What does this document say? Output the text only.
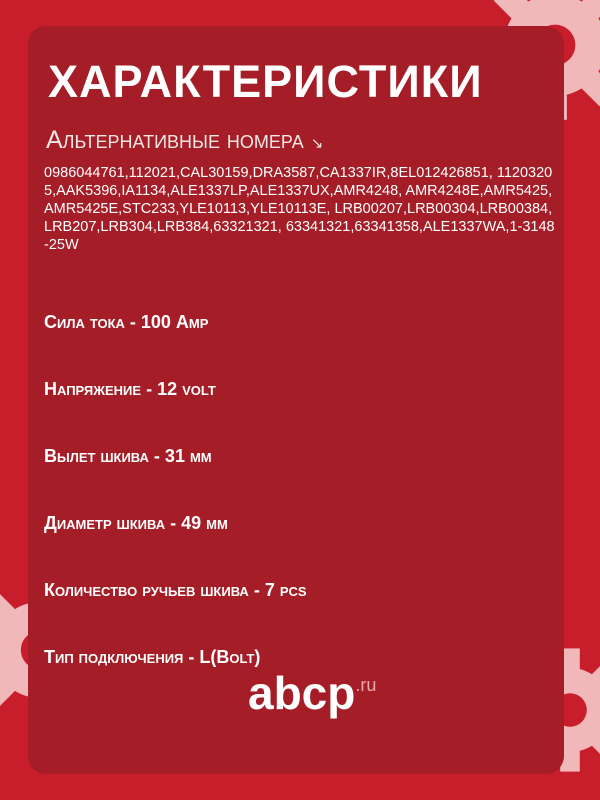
ХАРАКТЕРИСТИКИ
Альтернативные номера ↘
0986044761,112021,CAL30159,DRA3587,CA1337IR,8EL012426851, 11203205,AAK5396,IA1134,ALE1337LP,ALE1337UX,AMR4248, AMR4248E,AMR5425,AMR5425E,STC233,YLE10113,YLE10113E, LRB00207,LRB00304,LRB00384,LRB207,LRB304,LRB384,63321321, 63341321,63341358,ALE1337WA,1-3148-25W
Сила тока - 100 Amp
Напряжение - 12 volt
Вылет шкива - 31 мм
Диаметр шкива - 49 мм
Количество ручьев шкива - 7 pcs
Тип подключения - L(Bolt)
abcp$^{.ru}$
